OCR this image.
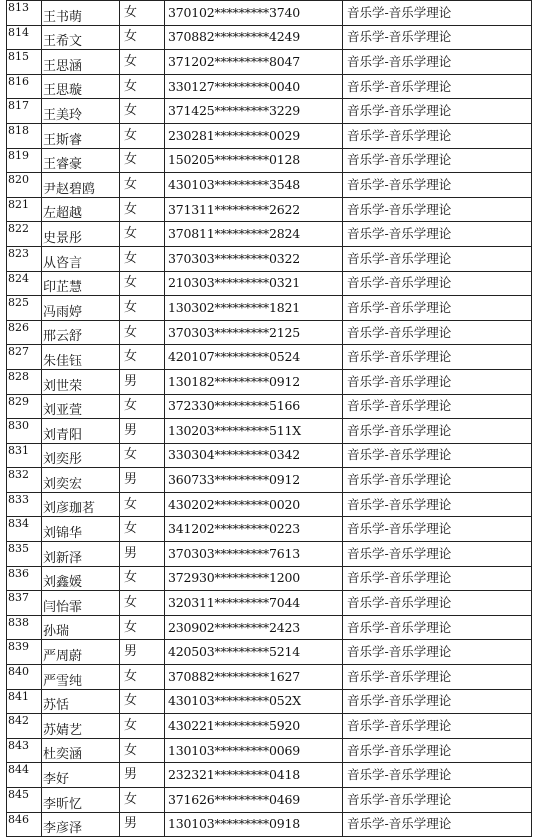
813	王书萌	女	370102*********3740	音乐学-音乐学理论
814	王希文	女	370882*********4249	音乐学-音乐学理论
815	王思涵	女	371202*********8047	音乐学-音乐学理论
816	王思璇	女	330127*********0040	音乐学-音乐学理论
817	王美玲	女	371425*********3229	音乐学-音乐学理论
818	王斯睿	女	230281*********0029	音乐学-音乐学理论
819	王睿豪	女	150205*********0128	音乐学-音乐学理论
820	尹赵碧鸥	女	430103*********3548	音乐学-音乐学理论
821	左超越	女	371311*********2622	音乐学-音乐学理论
822	史景彤	女	370811*********2824	音乐学-音乐学理论
823	从咨言	女	370303*********0322	音乐学-音乐学理论
824	印芷慧	女	210303*********0321	音乐学-音乐学理论
825	冯雨婷	女	130302*********1821	音乐学-音乐学理论
826	邢云舒	女	370303*********2125	音乐学-音乐学理论
827	朱佳钰	女	420107*********0524	音乐学-音乐学理论
828	刘世荣	男	130182*********0912	音乐学-音乐学理论
829	刘亚萱	女	372330*********5166	音乐学-音乐学理论
830	刘青阳	男	130203*********511X	音乐学-音乐学理论
831	刘奕彤	女	330304*********0342	音乐学-音乐学理论
832	刘奕宏	男	360733*********0912	音乐学-音乐学理论
833	刘彦珈茗	女	430202*********0020	音乐学-音乐学理论
834	刘锦华	女	341202*********0223	音乐学-音乐学理论
835	刘新泽	男	370303*********7613	音乐学-音乐学理论
836	刘鑫媛	女	372930*********1200	音乐学-音乐学理论
837	闫怡霏	女	320311*********7044	音乐学-音乐学理论
838	孙瑞	女	230902*********2423	音乐学-音乐学理论
839	严周蔚	男	420503*********5214	音乐学-音乐学理论
840	严雪纯	女	370882*********1627	音乐学-音乐学理论
841	苏恬	女	430103*********052X	音乐学-音乐学理论
842	苏婧艺	女	430221*********5920	音乐学-音乐学理论
843	杜奕涵	女	130103*********0069	音乐学-音乐学理论
844	李好	男	232321*********0418	音乐学-音乐学理论
845	李昕忆	女	371626*********0469	音乐学-音乐学理论
846	李彦泽	男	130103*********0918	音乐学-音乐学理论
